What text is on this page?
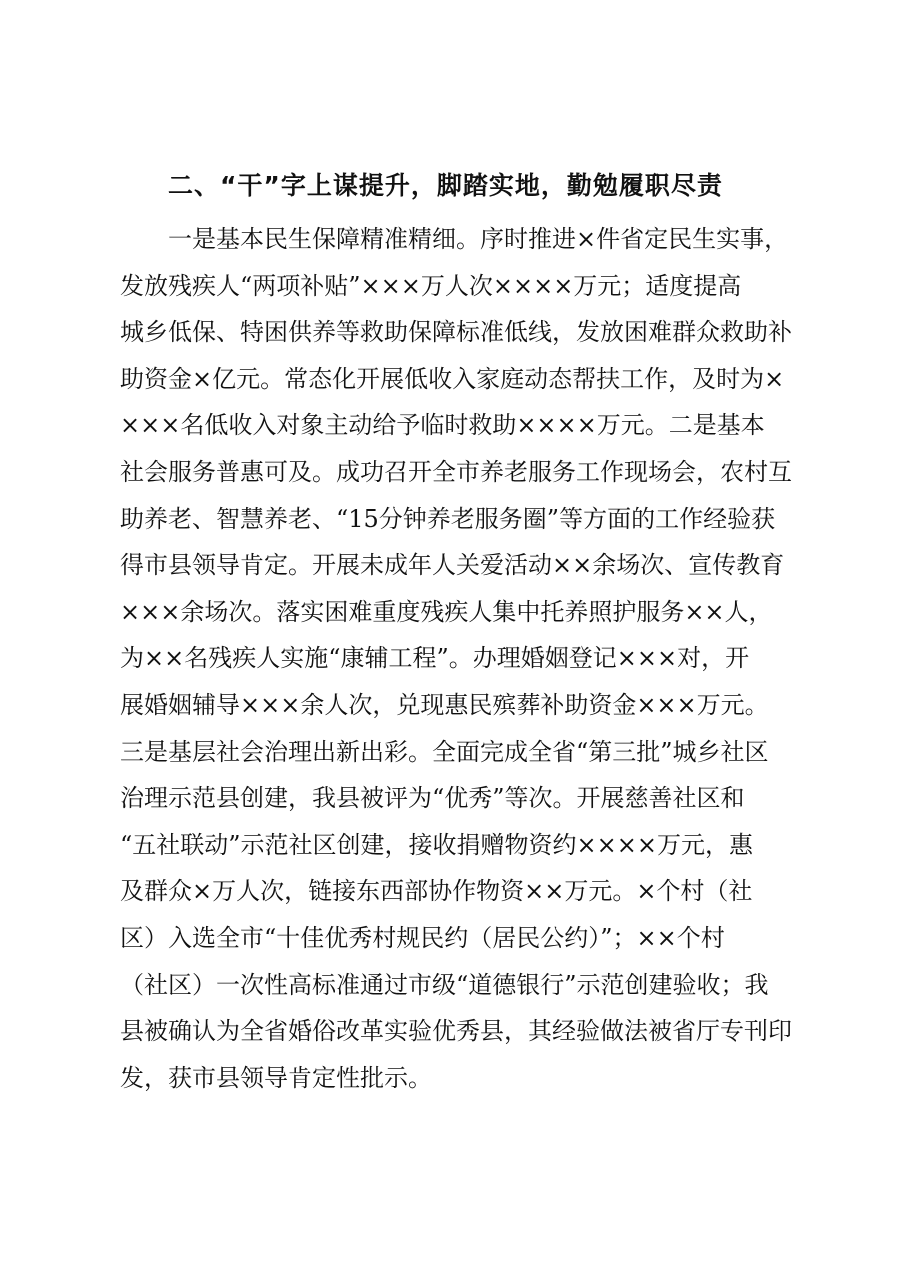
二、“干”字上谋提升，脚踏实地，勤勉履职尽责
　　一是基本民生保障精准精细。序时推进×件省定民生实事，
发放残疾人“两项补贴”×××万人次××××万元；适度提高
城乡低保、特困供养等救助保障标准低线，发放困难群众救助补
助资金×亿元。常态化开展低收入家庭动态帮扶工作，及时为×
×××名低收入对象主动给予临时救助××××万元。二是基本
社会服务普惠可及。成功召开全市养老服务工作现场会，农村互
助养老、智慧养老、“15分钟养老服务圈”等方面的工作经验获
得市县领导肯定。开展未成年人关爱活动××余场次、宣传教育
×××余场次。落实困难重度残疾人集中托养照护服务××人，
为××名残疾人实施“康辅工程”。办理婚姻登记×××对，开
展婚姻辅导×××余人次，兑现惠民殡葬补助资金×××万元。
三是基层社会治理出新出彩。全面完成全省“第三批”城乡社区
治理示范县创建，我县被评为“优秀”等次。开展慈善社区和
“五社联动”示范社区创建，接收捐赠物资约××××万元，惠
及群众×万人次，链接东西部协作物资××万元。×个村（社
区）入选全市“十佳优秀村规民约（居民公约）”；××个村
（社区）一次性高标准通过市级“道德银行”示范创建验收；我
县被确认为全省婚俗改革实验优秀县，其经验做法被省厅专刊印
发，获市县领导肯定性批示。
